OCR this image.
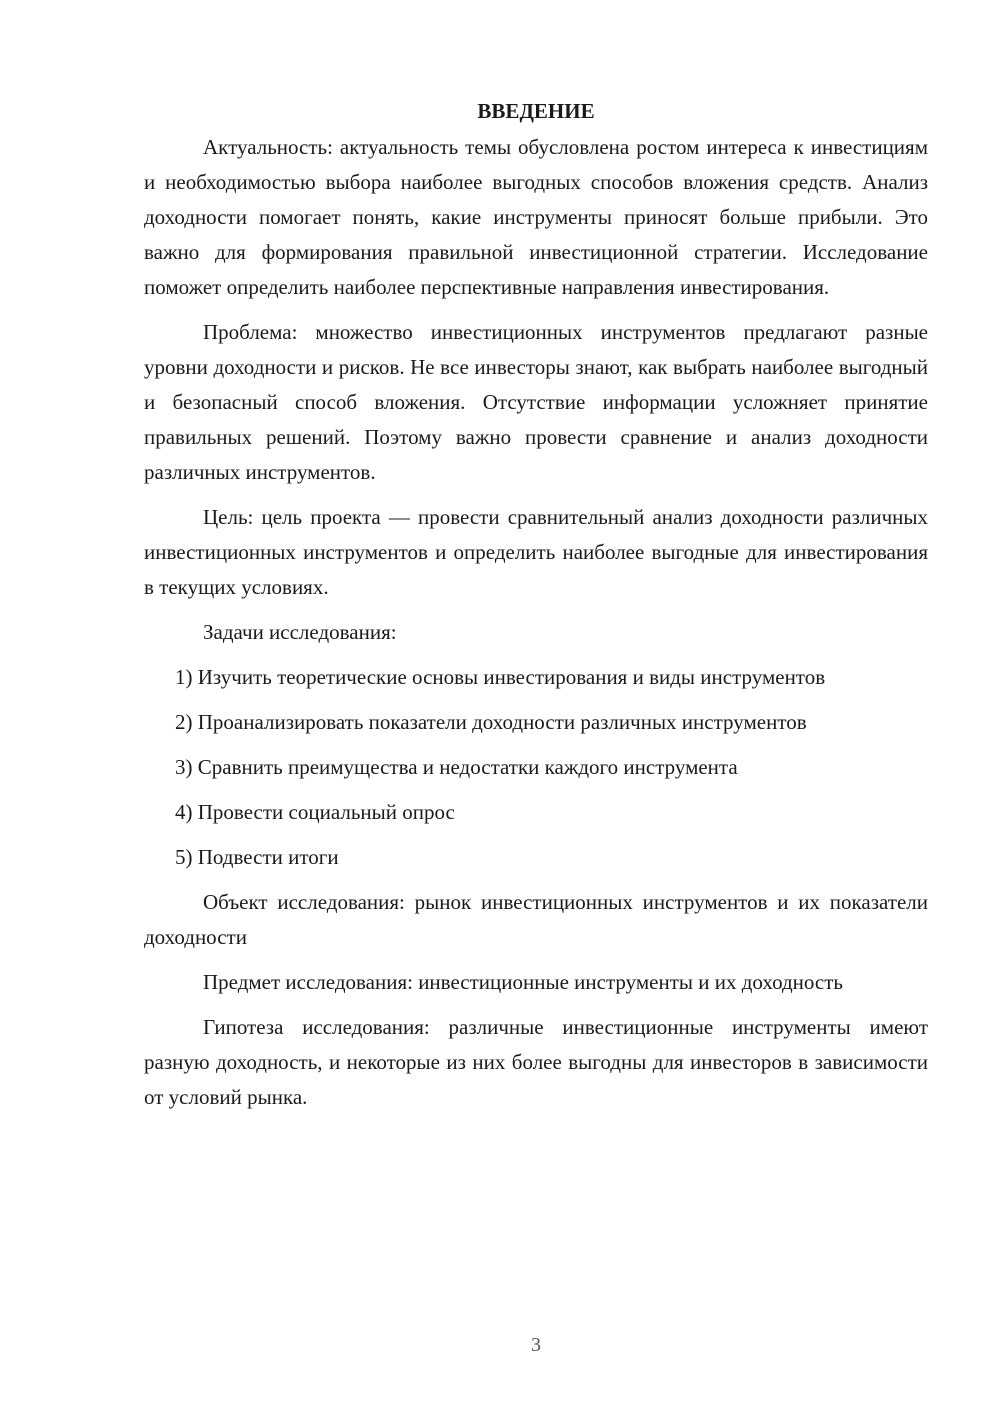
ВВЕДЕНИЕ

Актуальность: актуальность темы обусловлена ростом интереса к инвестициям и необходимостью выбора наиболее выгодных способов вложения средств. Анализ доходности помогает понять, какие инструменты приносят больше прибыли. Это важно для формирования правильной инвестиционной стратегии. Исследование поможет определить наиболее перспективные направления инвестирования.

Проблема: множество инвестиционных инструментов предлагают разные уровни доходности и рисков. Не все инвесторы знают, как выбрать наиболее выгодный и безопасный способ вложения. Отсутствие информации усложняет принятие правильных решений. Поэтому важно провести сравнение и анализ доходности различных инструментов.

Цель: цель проекта — провести сравнительный анализ доходности различных инвестиционных инструментов и определить наиболее выгодные для инвестирования в текущих условиях.

Задачи исследования:

1) Изучить теоретические основы инвестирования и виды инструментов

2) Проанализировать показатели доходности различных инструментов

3) Сравнить преимущества и недостатки каждого инструмента

4) Провести социальный опрос

5) Подвести итоги

Объект исследования: рынок инвестиционных инструментов и их показатели доходности

Предмет исследования: инвестиционные инструменты и их доходность

Гипотеза исследования: различные инвестиционные инструменты имеют разную доходность, и некоторые из них более выгодны для инвесторов в зависимости от условий рынка.

3
